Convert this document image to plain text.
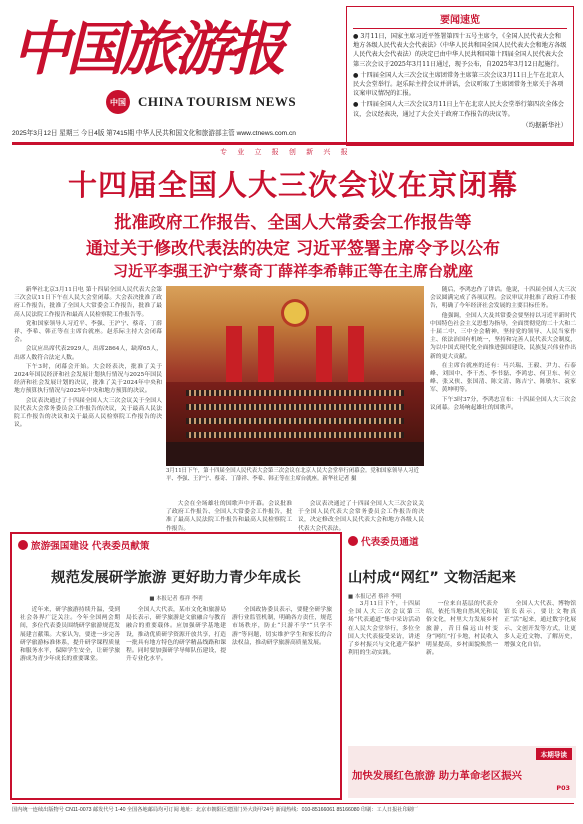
中国旅游报
中国 CHINA TOURISM NEWS
2025年3月12日 星期三 今日4版 第7415期 中华人民共和国文化和旅游部主管 www.ctnews.com.cn
要闻速览

● 3月11日，国家主席习近平签署第四十五号主席令，《全国人民代表大会和地方各级人民代表大会代表法》（中华人民共和国全国人民代表大会和地方各级人民代表大会代表法）的决定已由中华人民共和国第十四届全国人民代表大会第三次会议于2025年3月11日通过，现予公布，自2025年3月12日起施行。

● 十四届全国人大三次会议主席团常务主席第三次会议3月11日上午在北京人民大会堂举行。赵乐际主持会议并讲话，会议听取了主席团常务主席关于各项议案审议情况的汇报。

● 十四届全国人大三次会议3月11日上午在北京人民大会堂举行第四次全体会议，会议经表决，通过了大会关于政府工作报告的决议等。

（均据新华社）

专 业 立 报 创 新 兴 报
十四届全国人大三次会议在京闭幕
批准政府工作报告、全国人大常委会工作报告等
通过关于修改代表法的决定 习近平签署主席令予以公布
习近平李强王沪宁蔡奇丁薛祥李希韩正等在主席台就座

新华社北京3月11日电 第十四届全国人民代表大会第三次会议11日下午在人民大会堂闭幕。大会表决批准了政府工作报告，批准了全国人大常委会工作报告，批准了最高人民法院工作报告和最高人民检察院工作报告等。

党和国家领导人习近平、李强、王沪宁、蔡奇、丁薛祥、李希、韩正等在主席台就座。赵乐际主持大会闭幕会。

会议应出席代表2929人，出席2864人，缺席65人，出席人数符合法定人数。

下午3时，闭幕会开始。大会经表决，批准了关于2024年国民经济和社会发展计划执行情况与2025年国民经济和社会发展计划的决议，批准了关于2024年中央和地方预算执行情况与2025年中央和地方预算的决议。

会议表决通过了十四届全国人大三次会议关于全国人民代表大会常务委员会工作报告的决议，关于最高人民法院工作报告的决议和关于最高人民检察院工作报告的决议。

3月11日下午，第十四届全国人民代表大会第三次会议在北京人民大会堂举行闭幕会。党和国家领导人习近平、李强、王沪宁、蔡奇、丁薛祥、李希、韩正等在主席台就座。新华社记者 摄

大会在全场雄壮的国歌声中开幕。会议批准了政府工作报告、全国人大常委会工作报告，批准了最高人民法院工作报告和最高人民检察院工作报告。

会议表决通过了十四届全国人大三次会议关于全国人民代表大会常务委员会工作报告的决议，决定修改全国人民代表大会和地方各级人民代表大会代表法。

随后，李鸿忠作了讲话。他说，十四届全国人大三次会议圆满完成了各项议程。会议审议并批准了政府工作报告，明确了今年经济社会发展的主要目标任务。

他强调，全国人大及其常委会要坚持以习近平新时代中国特色社会主义思想为指导，全面贯彻党的二十大和二十届二中、三中全会精神，坚持党的领导、人民当家作主、依法治国有机统一，坚持和完善人民代表大会制度，为以中国式现代化全面推进强国建设、民族复兴伟业作出新的更大贡献。

在主席台就座的还有：马兴瑞、王毅、尹力、石泰峰、刘国中、李干杰、李书磊、李鸿忠、何卫东、何立峰、张又侠、张国清、陈文清、陈吉宁、陈敏尔、袁家军、黄坤明等。

下午3时37分，李鸿忠宣布：十四届全国人大三次会议闭幕。会场响起雄壮的国歌声。

旅游强国建设 代表委员献策
规范发展研学旅游 更好助力青少年成长
■ 本报记者 蔡祥 李明

近年来，研学旅游持续升温，受到社会各界广泛关注。今年全国两会期间，多位代表委员围绕研学旅游规范发展建言献策。大家认为，要进一步完善研学旅游标准体系，提升研学课程质量和服务水平，保障学生安全，让研学旅游成为青少年成长的重要课堂。

全国人大代表，某市文化和旅游局局长表示，研学旅游是文旅融合与教育融合的重要载体。应加强研学基地建设，推动优质研学资源开放共享，打造一批具有地方特色的研学精品线路和课程。同时要加强研学导师队伍建设，提升专业化水平。

全国政协委员表示，要健全研学旅游行业监管机制，明确各方责任，规范市场秩序，防止“只游不学”“只学不游”等问题，切实维护学生和家长的合法权益，推动研学旅游高质量发展。

代表委员通道
山村成“网红” 文物活起来
■ 本报记者 蔡祥 李明

3月11日下午，十四届全国人大三次会议第三场“代表通道”集中采访活动在人民大会堂举行，多位全国人大代表接受采访，讲述了乡村振兴与文化遗产保护利用的生动实践。

一位来自基层的代表介绍，依托当地自然风光和民俗文化，村里大力发展乡村旅游，昔日偏远山村变身“网红”打卡地，村民收入明显提高，乡村面貌焕然一新。

全国人大代表、博物馆馆长表示，要让文物真正“活”起来，通过数字化展示、文创开发等方式，让更多人走近文物、了解历史，增强文化自信。

本期导读
加快发展红色旅游 助力革命老区振兴
P03
国内统一连续出版物号 CN11-0073 邮发代号 1-40 全国各地邮局均可订阅 地址：北京市朝阳区建国门外大街甲24号 新闻热线：010-85166061 85166080 印刷：工人日报社印刷厂
